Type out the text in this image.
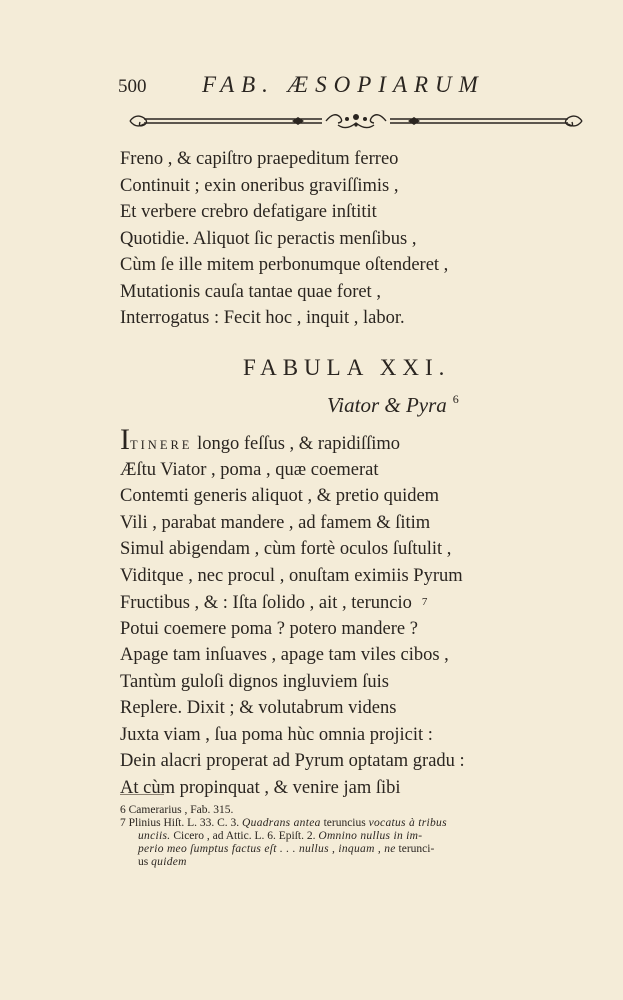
500 FAB. ÆSOPIARUM
Freno , & capiſtro praepeditum ferreo
Continuit ; exin oneribus graviſſimis ,
Et verbere crebro defatigare inſtitit
Quotidie. Aliquot ſic peractis menſibus ,
Cùm ſe ille mitem perbonumque oſtenderet ,
Mutationis cauſa tantae quae foret ,
Interrogatus : Fecit hoc , inquit , labor.
FABULA XXI.
Viator & Pyra $^6$
ITINERE longo feſſus , & rapidiſſimo
Æſtu Viator , poma , quæ coemerat
Contemti generis aliquot , & pretio quidem
Vili , parabat mandere , ad famem & ſitim
Simul abigendam , cùm fortè oculos ſuſtulit ,
Viditque , nec procul , onuſtam eximiis Pyrum
Fructibus , & : Iſta ſolido , ait , teruncio 7
Potui coemere poma ? potero mandere ?
Apage tam inſuaves , apage tam viles cibos ,
Tantùm guloſi dignos ingluviem ſuis
Replere. Dixit ; & volutabrum videns
Juxta viam , ſua poma hùc omnia projicit :
Dein alacri properat ad Pyrum optatam gradu :
At cùm propinquat , & venire jam ſibi
6 Camerarius , Fab. 315.
7 Plinius Hiſt. L. 33. C. 3. Quadrans antea teruncius vocatus à tribus
unciis. Cicero , ad Attic. L. 6. Epiſt. 2. Omnino nullus in im-
perio meo ſumptus factus eſt . . . nullus , inquam , ne terunci-
us quidem
